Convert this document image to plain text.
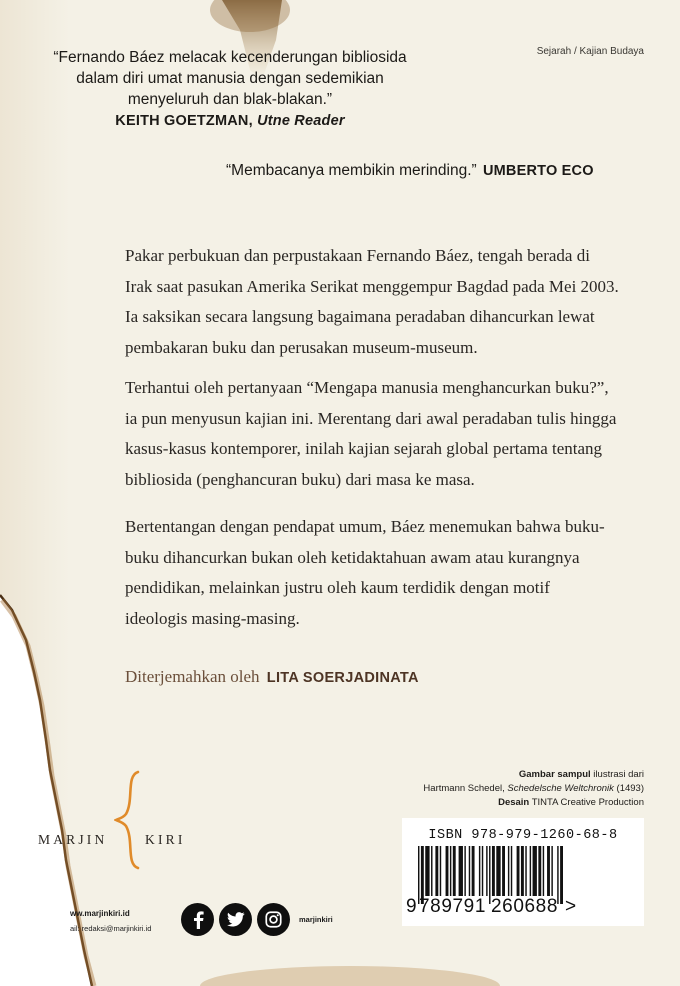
Sejarah / Kajian Budaya
“Fernando Báez melacak kecenderungan bibliosida
dalam diri umat manusia dengan sedemikian
menyeluruh dan blak-blakan.”
KEITH GOETZMAN, Utne Reader
“Membacanya membikin merinding.” UMBERTO ECO
Pakar perbukuan dan perpustakaan Fernando Báez, tengah berada di
Irak saat pasukan Amerika Serikat menggempur Bagdad pada Mei 2003.
Ia saksikan secara langsung bagaimana peradaban dihancurkan lewat
pembakaran buku dan perusakan museum-museum.
Terhantui oleh pertanyaan “Mengapa manusia menghancurkan buku?”,
ia pun menyusun kajian ini. Merentang dari awal peradaban tulis hingga
kasus-kasus kontemporer, inilah kajian sejarah global pertama tentang
bibliosida (penghancuran buku) dari masa ke masa.
Bertentangan dengan pendapat umum, Báez menemukan bahwa buku-
buku dihancurkan bukan oleh ketidaktahuan awam atau kurangnya
pendidikan, melainkan justru oleh kaum terdidik dengan motif
ideologis masing-masing.
Diterjemahkan oleh LITA SOERJADINATA
MARJIN	KIRI
ww.marjinkiri.id
ail: redaksi@marjinkiri.id
marjinkiri
Gambar sampul ilustrasi dari
Hartmann Schedel, Schedelsche Weltchronik (1493)
Desain TINTA Creative Production
ISBN 978-979-1260-68-8
9 789791 260688 >
